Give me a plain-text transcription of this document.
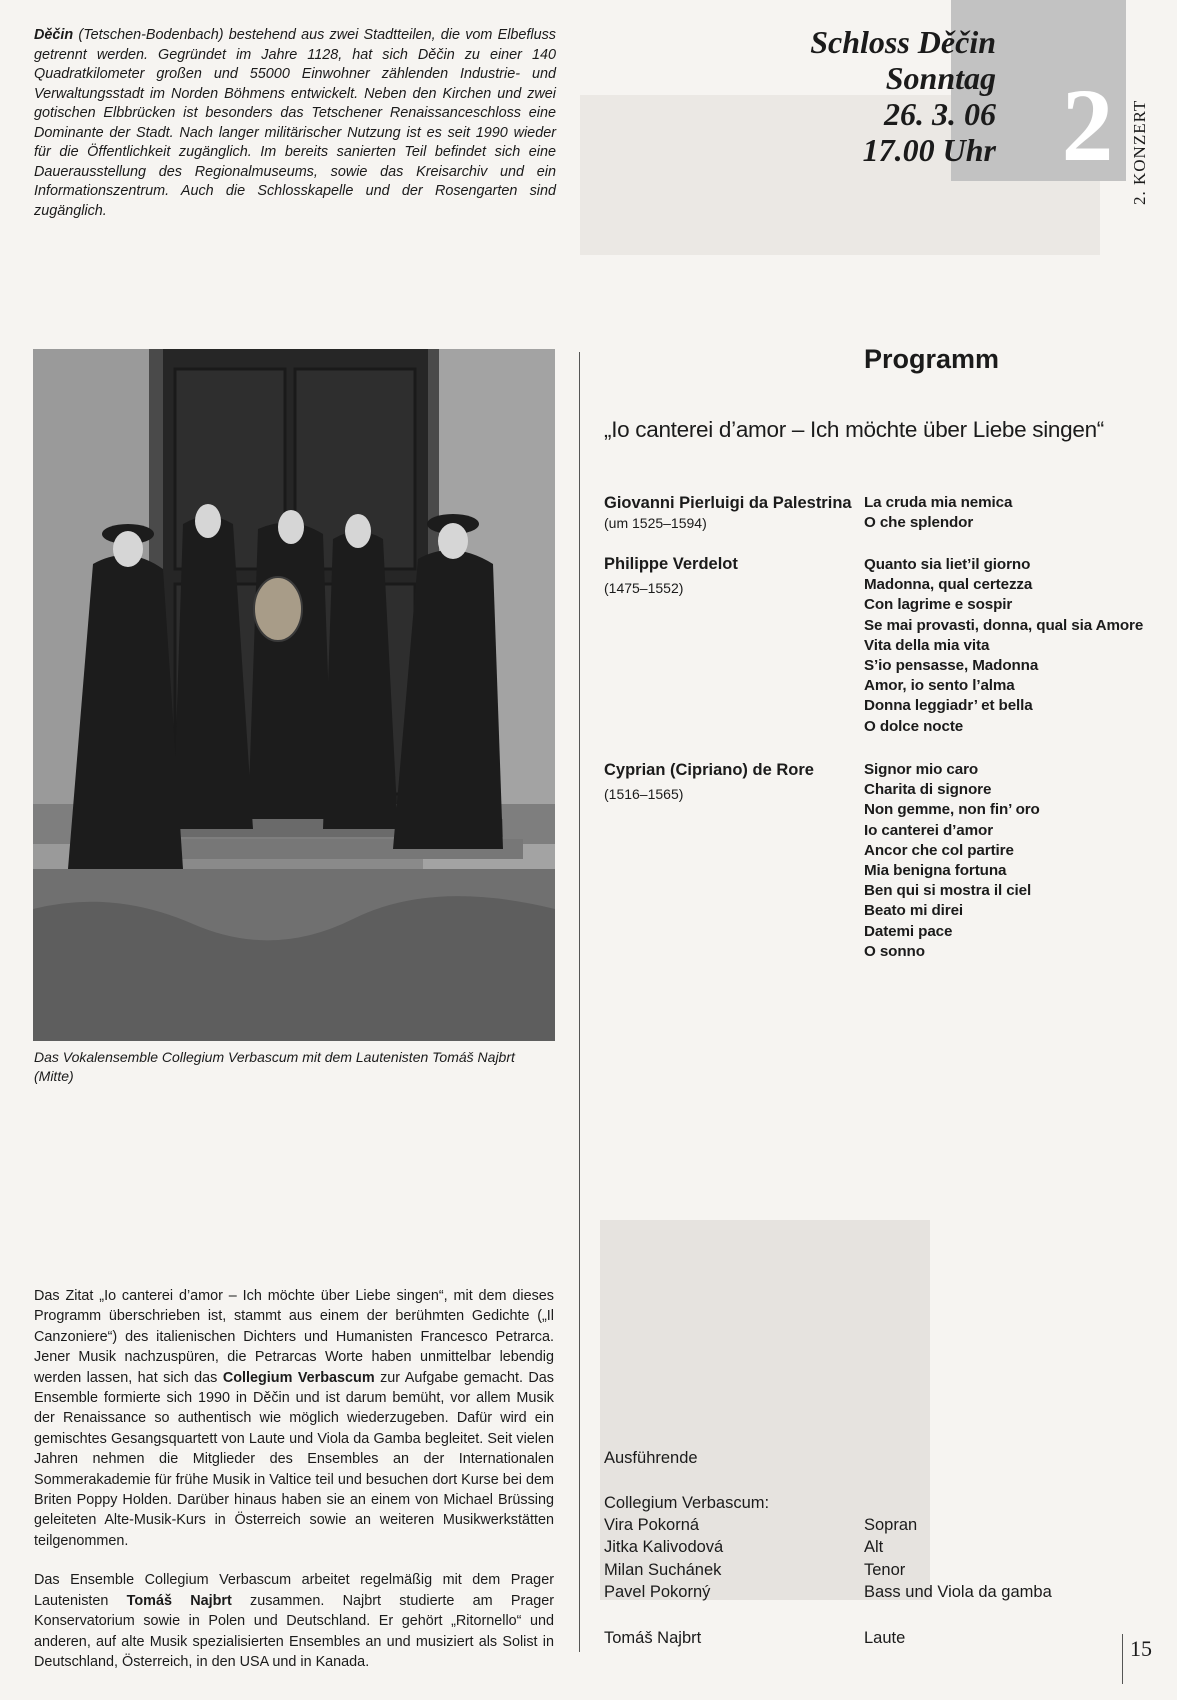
Děčin (Tetschen-Bodenbach) bestehend aus zwei Stadtteilen, die vom Elbefluss getrennt werden. Gegründet im Jahre 1128, hat sich Děčin zu einer 140 Quadratkilometer großen und 55000 Einwohner zählenden Industrie- und Verwaltungsstadt im Norden Böhmens entwickelt. Neben den Kirchen und zwei gotischen Elbbrücken ist besonders das Tetschener Renaissanceschloss eine Dominante der Stadt. Nach langer militärischer Nutzung ist es seit 1990 wieder für die Öffentlichkeit zugänglich. Im bereits sanierten Teil befindet sich eine Dauerausstellung des Regionalmuseums, sowie das Kreisarchiv und ein Informationszentrum. Auch die Schlosskapelle und der Rosengarten sind zugänglich.
Das Vokalensemble Collegium Verbascum mit dem Lautenisten Tomáš Najbrt (Mitte)

Das Zitat „Io canterei d’amor – Ich möchte über Liebe singen“, mit dem dieses Programm überschrieben ist, stammt aus einem der berühmten Gedichte („Il Canzoniere“) des italienischen Dichters und Humanisten Francesco Petrarca. Jener Musik nachzuspüren, die Petrarcas Worte haben unmittelbar lebendig werden lassen, hat sich das Collegium Verbascum zur Aufgabe gemacht. Das Ensemble formierte sich 1990 in Děčin und ist darum bemüht, vor allem Musik der Renaissance so authentisch wie möglich wiederzugeben. Dafür wird ein gemischtes Gesangsquartett von Laute und Viola da Gamba begleitet. Seit vielen Jahren nehmen die Mitglieder des Ensembles an der Internationalen Sommerakademie für frühe Musik in Valtice teil und besuchen dort Kurse bei dem Briten Poppy Holden. Darüber hinaus haben sie an einem von Michael Brüssing geleiteten Alte-Musik-Kurs in Österreich sowie an weiteren Musikwerkstätten teilgenommen.

Das Ensemble Collegium Verbascum arbeitet regelmäßig mit dem Prager Lautenisten Tomáš Najbrt zusammen. Najbrt studierte am Prager Konservatorium sowie in Polen und Deutschland. Er gehört „Ritornello“ und anderen, auf alte Musik spezialisierten Ensembles an und musiziert als Solist in Deutschland, Österreich, in den USA und in Kanada.

Schloss Děčin
Sonntag
26. 3. 06
17.00 Uhr 2 2. KONZERT
Programm
„Io canterei d’amor – Ich möchte über Liebe singen“
Giovanni Pierluigi da Palestrina
(um 1525–1594)
La cruda mia nemica
O che splendor
Philippe Verdelot
(1475–1552)
Quanto sia liet’il giorno
Madonna, qual certezza
Con lagrime e sospir
Se mai provasti, donna, qual sia Amore
Vita della mia vita
S’io pensasse, Madonna
Amor, io sento l’alma
Donna leggiadr’ et bella
O dolce nocte
Cyprian (Cipriano) de Rore
(1516–1565)
Signor mio caro
Charita di signore
Non gemme, non fin’ oro
Io canterei d’amor
Ancor che col partire
Mia benigna fortuna
Ben qui si mostra il ciel
Beato mi direi
Datemi pace
O sonno
Ausführende
Collegium Verbascum:
Vira Pokorná
Jitka Kalivodová
Milan Suchánek
Pavel Pokorný
Sopran
Alt
Tenor
Bass und Viola da gamba
Tomáš Najbrt	Laute	15
